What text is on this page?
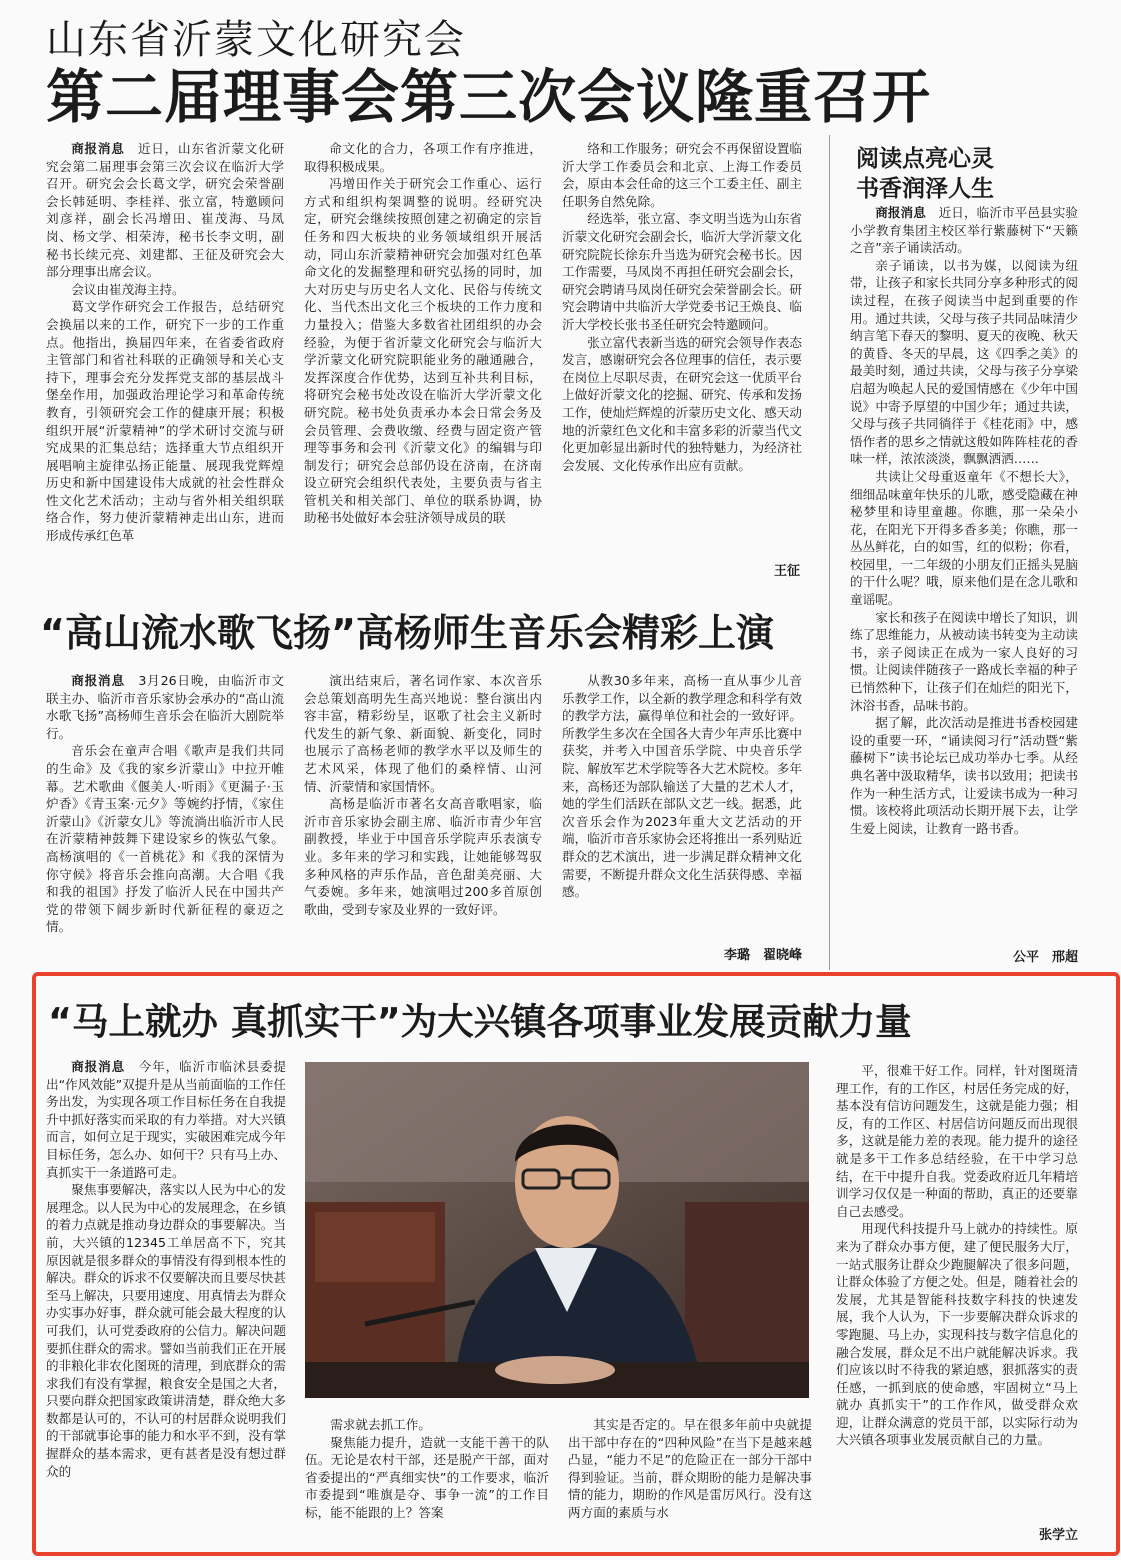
山东省沂蒙文化研究会
第二届理事会第三次会议隆重召开

商报消息　近日，山东省沂蒙文化研究会第二届理事会第三次会议在临沂大学召开。研究会会长葛文学，研究会荣誉副会长韩延明、李桂祥、张立富，特邀顾问刘彦祥，副会长冯增田、崔茂海、马凤岗、杨文学、相荣涛，秘书长李文明，副秘书长续元亮、刘建都、王征及研究会大部分理事出席会议。

会议由崔茂海主持。

葛文学作研究会工作报告，总结研究会换届以来的工作，研究下一步的工作重点。他指出，换届四年来，在省委省政府主管部门和省社科联的正确领导和关心支持下，理事会充分发挥党支部的基层战斗堡垒作用，加强政治理论学习和革命传统教育，引领研究会工作的健康开展；积极组织开展“沂蒙精神”的学术研讨交流与研究成果的汇集总结；选择重大节点组织开展唱响主旋律弘扬正能量、展现我党辉煌历史和新中国建设伟大成就的社会性群众性文化艺术活动；主动与省外相关组织联络合作，努力使沂蒙精神走出山东，进而形成传承红色革

命文化的合力，各项工作有序推进，取得积极成果。

冯增田作关于研究会工作重心、运行方式和组织构架调整的说明。经研究决定，研究会继续按照创建之初确定的宗旨任务和四大板块的业务领域组织开展活动，同山东沂蒙精神研究会加强对红色革命文化的发掘整理和研究弘扬的同时，加大对历史与历史名人文化、民俗与传统文化、当代杰出文化三个板块的工作力度和力量投入；借鉴大多数省社团组织的办会经验，为便于省沂蒙文化研究会与临沂大学沂蒙文化研究院职能业务的融通融合，发挥深度合作优势，达到互补共利目标，将研究会秘书处改设在临沂大学沂蒙文化研究院。秘书处负责承办本会日常会务及会员管理、会费收缴、经费与固定资产管理等事务和会刊《沂蒙文化》的编辑与印制发行；研究会总部仍设在济南，在济南设立研究会组织代表处，主要负责与省主管机关和相关部门、单位的联系协调，协助秘书处做好本会驻济领导成员的联

络和工作服务；研究会不再保留设置临沂大学工作委员会和北京、上海工作委员会，原由本会任命的这三个工委主任、副主任职务自然免除。

经选举，张立富、李文明当选为山东省沂蒙文化研究会副会长，临沂大学沂蒙文化研究院院长徐东升当选为研究会秘书长。因工作需要，马凤岗不再担任研究会副会长，研究会聘请马凤岗任研究会荣誉副会长。研究会聘请中共临沂大学党委书记王焕良、临沂大学校长张书圣任研究会特邀顾问。

张立富代表新当选的研究会领导作表态发言，感谢研究会各位理事的信任，表示要在岗位上尽职尽责，在研究会这一优质平台上做好沂蒙文化的挖掘、研究、传承和发扬工作，使灿烂辉煌的沂蒙历史文化、感天动地的沂蒙红色文化和丰富多彩的沂蒙当代文化更加彰显出新时代的独特魅力，为经济社会发展、文化传承作出应有贡献。

王征
阅读点亮心灵
书香润泽人生

商报消息　近日，临沂市平邑县实验小学教育集团主校区举行紫藤树下“天籁之音”亲子诵读活动。

亲子诵读，以书为媒，以阅读为纽带，让孩子和家长共同分享多种形式的阅读过程，在孩子阅读当中起到重要的作用。通过共读，父母与孩子共同品味清少纳言笔下春天的黎明、夏天的夜晚、秋天的黄昏、冬天的早晨，这《四季之美》的最美时刻，通过共读，父母与孩子分享梁启超为唤起人民的爱国情感在《少年中国说》中寄予厚望的中国少年；通过共读，父母与孩子共同徜徉于《桂花雨》中，感悟作者的思乡之情就这般如阵阵桂花的香味一样，浓浓淡淡，飘飘洒洒……

共读让父母重返童年《不想长大》，细细品味童年快乐的儿歌，感受隐藏在神秘梦里和诗里童趣。你瞧，那一朵朵小花，在阳光下开得多香多美；你瞧，那一丛丛鲜花，白的如雪，红的似粉；你看，校园里，一二年级的小朋友们正摇头晃脑的干什么呢？哦，原来他们是在念儿歌和童谣呢。

家长和孩子在阅读中增长了知识，训练了思维能力，从被动读书转变为主动读书，亲子阅读正在成为一家人良好的习惯。让阅读伴随孩子一路成长幸福的种子已悄然种下，让孩子们在灿烂的阳光下，沐浴书香，品味书韵。

据了解，此次活动是推进书香校园建设的重要一环，“诵读阅习行”活动暨“紫藤树下”读书论坛已成功举办七季。从经典名著中汲取精华，读书以致用；把读书作为一种生活方式，让爱读书成为一种习惯。该校将此项活动长期开展下去，让学生爱上阅读，让教育一路书香。

公平　邢超
“高山流水歌飞扬”高杨师生音乐会精彩上演

商报消息　3月26日晚，由临沂市文联主办、临沂市音乐家协会承办的“高山流水歌飞扬”高杨师生音乐会在临沂大剧院举行。

音乐会在童声合唱《歌声是我们共同的生命》及《我的家乡沂蒙山》中拉开帷幕。艺术歌曲《偃美人·听雨》《更漏子·玉炉香》《青玉案·元夕》等婉约抒情，《家住沂蒙山》《沂蒙女儿》等流淌出临沂市人民在沂蒙精神鼓舞下建设家乡的恢弘气象。高杨演唱的《一首桃花》和《我的深情为你守候》将音乐会推向高潮。大合唱《我和我的祖国》抒发了临沂人民在中国共产党的带领下阔步新时代新征程的豪迈之情。

演出结束后，著名词作家、本次音乐会总策划高明先生高兴地说：整台演出内容丰富，精彩纷呈，讴歌了社会主义新时代发生的新气象、新面貌、新变化，同时也展示了高杨老师的教学水平以及师生的艺术风采，体现了他们的桑梓情、山河情、沂蒙情和家国情怀。

高杨是临沂市著名女高音歌唱家，临沂市音乐家协会副主席、临沂市青少年宫副教授，毕业于中国音乐学院声乐表演专业。多年来的学习和实践，让她能够驾驭多种风格的声乐作品，音色甜美亮丽、大气委婉。多年来，她演唱过200多首原创歌曲，受到专家及业界的一致好评。

从教30多年来，高杨一直从事少儿音乐教学工作，以全新的教学理念和科学有效的教学方法，赢得单位和社会的一致好评。所教学生多次在全国各大青少年声乐比赛中获奖，并考入中国音乐学院、中央音乐学院、解放军艺术学院等各大艺术院校。多年来，高杨还为部队输送了大量的艺术人才，她的学生们活跃在部队文艺一线。据悉，此次音乐会作为2023年重大文艺活动的开端，临沂市音乐家协会还将推出一系列贴近群众的艺术演出，进一步满足群众精神文化需要，不断提升群众文化生活获得感、幸福感。

李璐　翟晓峰
“马上就办 真抓实干”为大兴镇各项事业发展贡献力量

商报消息　今年，临沂市临沭县委提出“作风效能”双提升是从当前面临的工作任务出发，为实现各项工作目标任务在自我提升中抓好落实而采取的有力举措。对大兴镇而言，如何立足于现实，实破困难完成今年目标任务，怎么办、如何干？只有马上办、真抓实干一条道路可走。

聚焦事要解决，落实以人民为中心的发展理念。以人民为中心的发展理念，在乡镇的着力点就是推动身边群众的事要解决。当前，大兴镇的12345工单居高不下，究其原因就是很多群众的事情没有得到根本性的解决。群众的诉求不仅要解决而且要尽快甚至马上解决，只要用速度、用真情去为群众办实事办好事，群众就可能会最大程度的认可我们，认可党委政府的公信力。解决问题要抓住群众的需求。譬如当前我们正在开展的非粮化非农化图斑的清理，到底群众的需求我们有没有掌握，粮食安全是国之大者，只要向群众把国家政策讲清楚，群众绝大多数都是认可的，不认可的村居群众说明我们的干部就事论事的能力和水平不到，没有掌握群众的基本需求，更有甚者是没有想过群众的

需求就去抓工作。

聚焦能力提升，造就一支能干善干的队伍。无论是农村干部，还是脱产干部，面对省委提出的“严真细实快”的工作要求，临沂市委提到“唯旗是夺、事争一流”的工作目标，能不能跟的上？答案

其实是否定的。早在很多年前中央就提出干部中存在的“四种风险”在当下是越来越凸显，“能力不足”的危险正在一部分干部中得到验证。当前，群众期盼的能力是解决事情的能力，期盼的作风是雷厉风行。没有这两方面的素质与水

平，很难干好工作。同样，针对图斑清理工作，有的工作区，村居任务完成的好，基本没有信访问题发生，这就是能力强；相反，有的工作区、村居信访问题反而出现很多，这就是能力差的表现。能力提升的途径就是多干工作多总结经验，在干中学习总结，在干中提升自我。党委政府近几年精培训学习仅仅是一种面的帮助，真正的还要靠自己去感受。

用现代科技提升马上就办的持续性。原来为了群众办事方便，建了便民服务大厅，一站式服务让群众少跑腿解决了很多问题，让群众体验了方便之处。但是，随着社会的发展，尤其是智能科技数字科技的快速发展，我个人认为，下一步要解决群众诉求的零跑腿、马上办，实现科技与数字信息化的融合发展，群众足不出户就能解决诉求。我们应该以时不待我的紧迫感，狠抓落实的责任感，一抓到底的使命感，牢固树立“马上就办 真抓实干”的工作作风，做受群众欢迎，让群众满意的党员干部，以实际行动为大兴镇各项事业发展贡献自己的力量。

张学立
